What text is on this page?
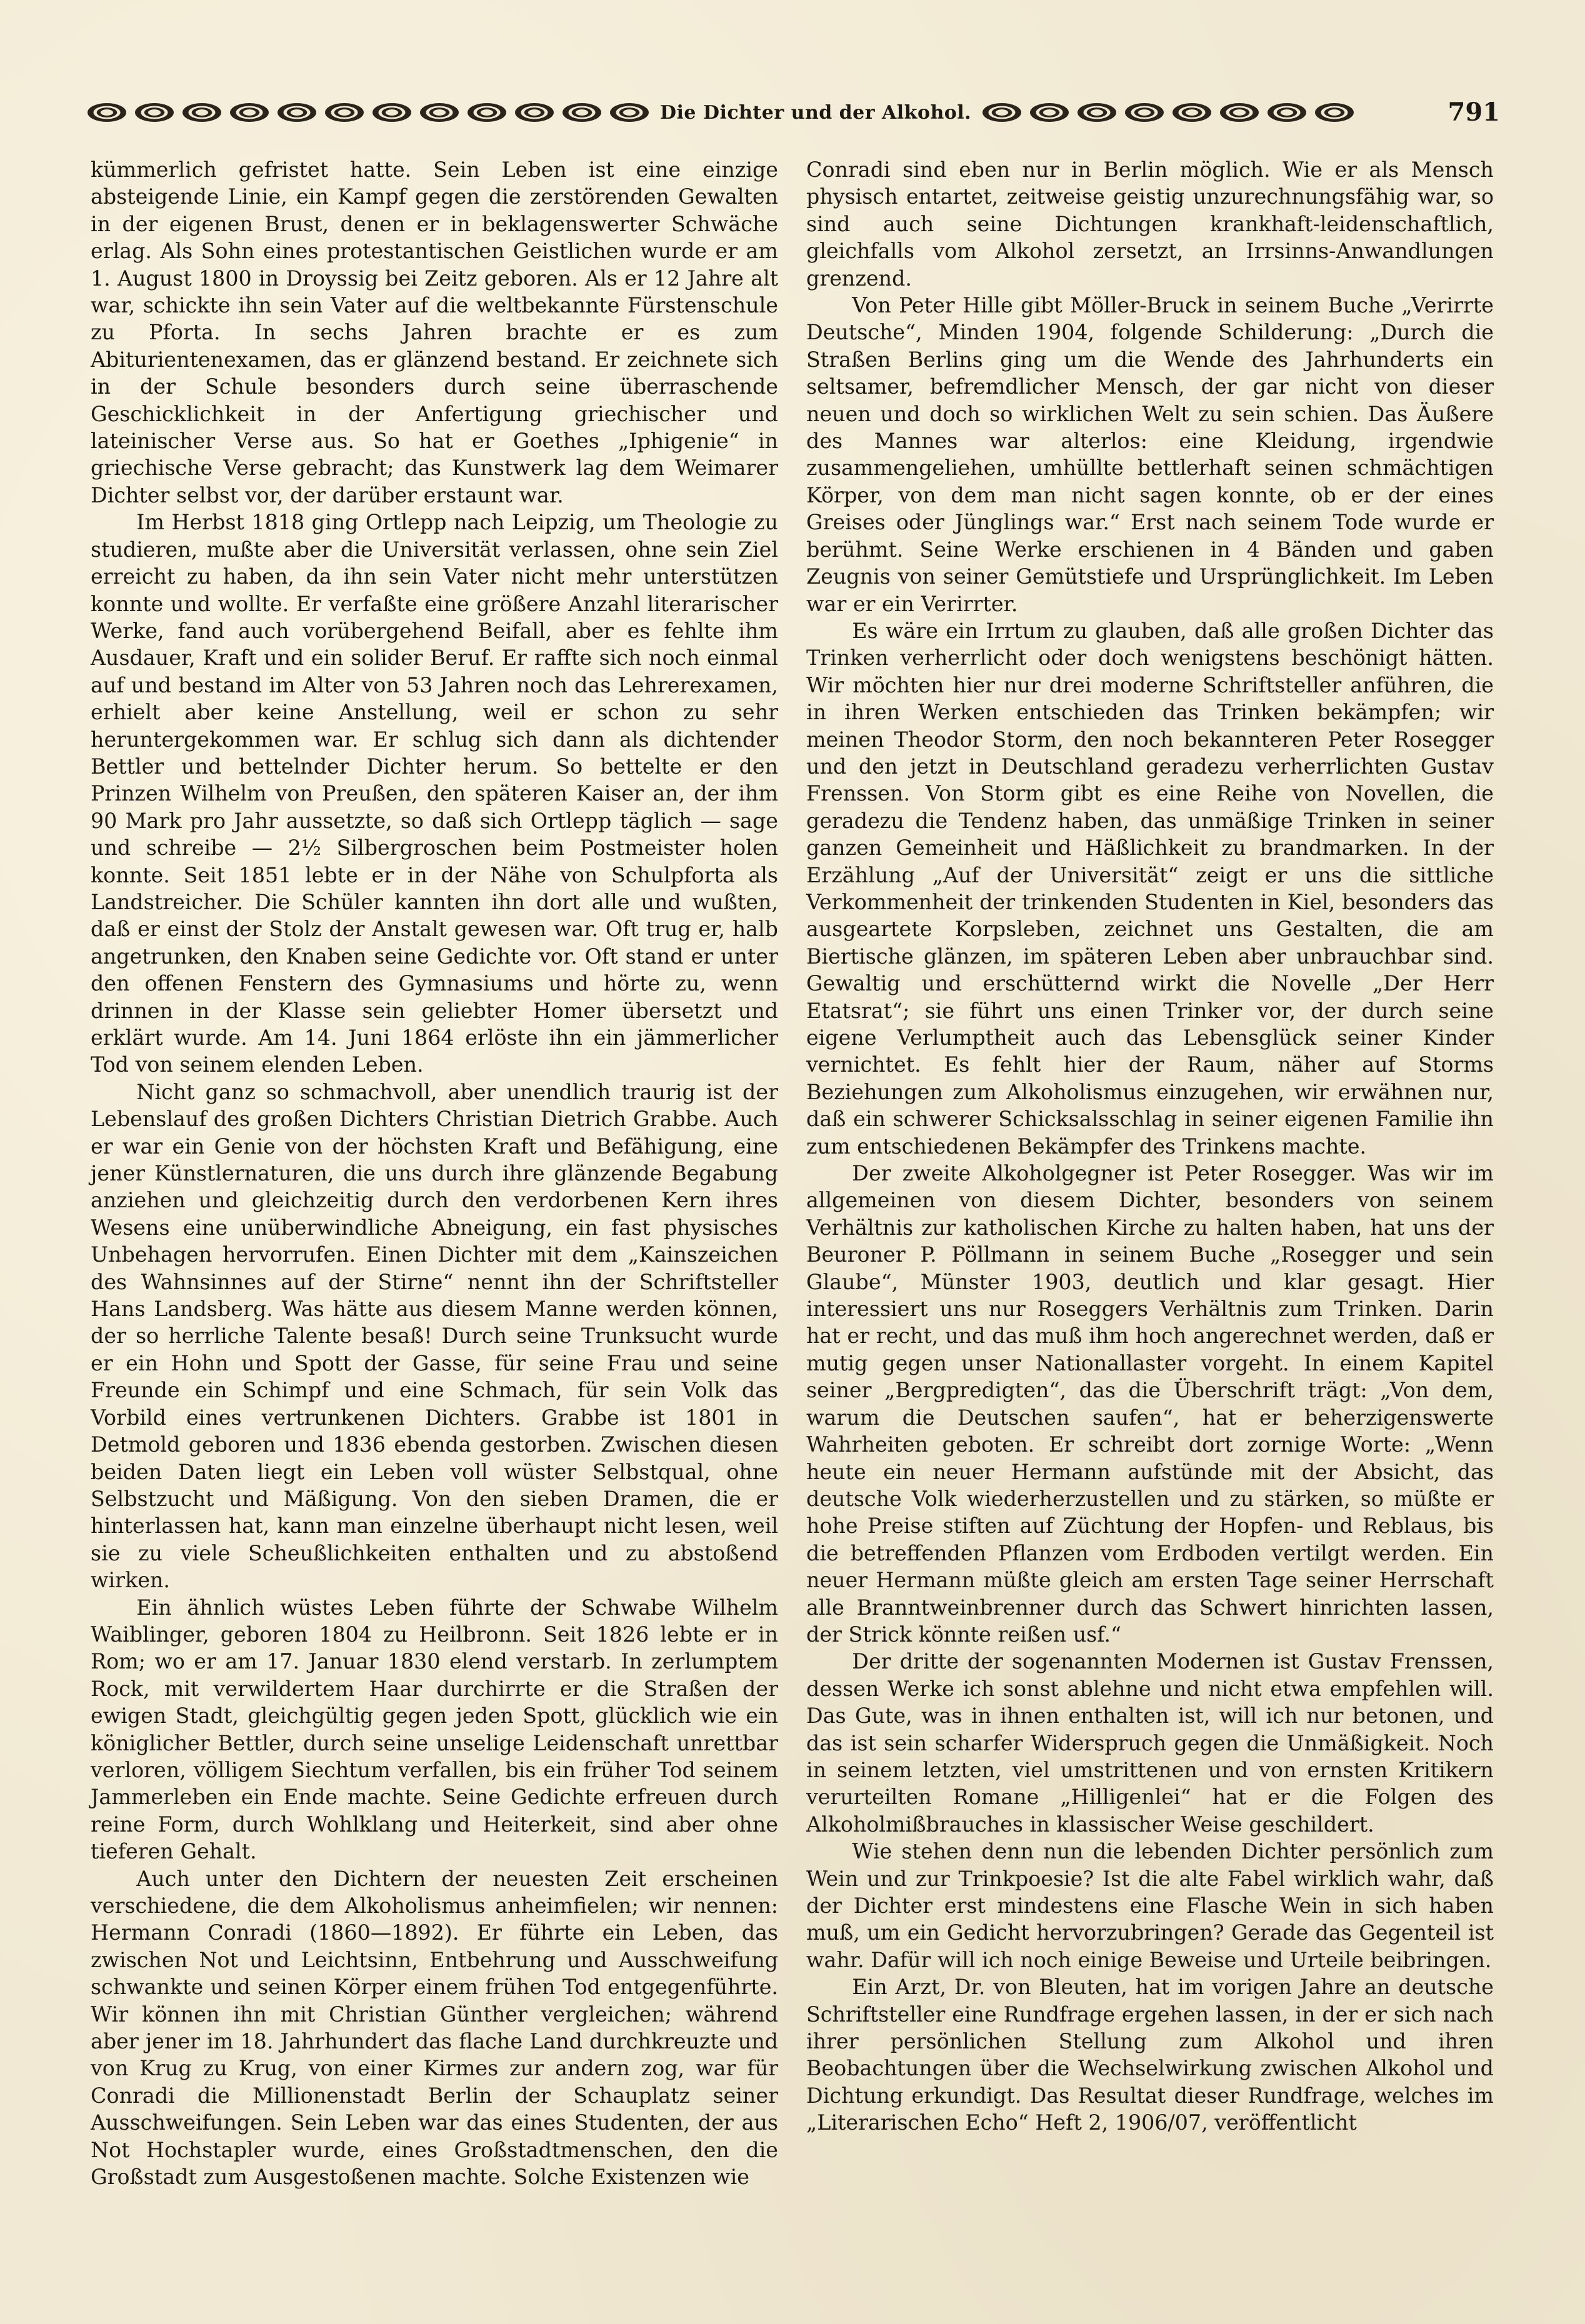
Die Dichter und der Alkohol.	791

kümmerlich gefristet hatte. Sein Leben ist eine einzige absteigende Linie, ein Kampf gegen die zerstörenden Gewalten in der eigenen Brust, denen er in beklagenswerter Schwäche erlag. Als Sohn eines protestantischen Geistlichen wurde er am 1. August 1800 in Droyssig bei Zeitz geboren. Als er 12 Jahre alt war, schickte ihn sein Vater auf die weltbekannte Fürstenschule zu Pforta. In sechs Jahren brachte er es zum Abiturientenexamen, das er glänzend bestand. Er zeichnete sich in der Schule besonders durch seine überraschende Geschicklichkeit in der Anfertigung griechischer und lateinischer Verse aus. So hat er Goethes „Iphigenie“ in griechische Verse gebracht; das Kunstwerk lag dem Weimarer Dichter selbst vor, der darüber erstaunt war.

Im Herbst 1818 ging Ortlepp nach Leipzig, um Theologie zu studieren, mußte aber die Universität verlassen, ohne sein Ziel erreicht zu haben, da ihn sein Vater nicht mehr unterstützen konnte und wollte. Er verfaßte eine größere Anzahl literarischer Werke, fand auch vorübergehend Beifall, aber es fehlte ihm Ausdauer, Kraft und ein solider Beruf. Er raffte sich noch einmal auf und bestand im Alter von 53 Jahren noch das Lehrerexamen, erhielt aber keine Anstellung, weil er schon zu sehr heruntergekommen war. Er schlug sich dann als dichtender Bettler und bettelnder Dichter herum. So bettelte er den Prinzen Wilhelm von Preußen, den späteren Kaiser an, der ihm 90 Mark pro Jahr aussetzte, so daß sich Ortlepp täglich — sage und schreibe — 2½ Silbergroschen beim Postmeister holen konnte. Seit 1851 lebte er in der Nähe von Schulpforta als Landstreicher. Die Schüler kannten ihn dort alle und wußten, daß er einst der Stolz der Anstalt gewesen war. Oft trug er, halb angetrunken, den Knaben seine Gedichte vor. Oft stand er unter den offenen Fenstern des Gymnasiums und hörte zu, wenn drinnen in der Klasse sein geliebter Homer übersetzt und erklärt wurde. Am 14. Juni 1864 erlöste ihn ein jämmerlicher Tod von seinem elenden Leben.

Nicht ganz so schmachvoll, aber unendlich traurig ist der Lebenslauf des großen Dichters Christian Dietrich Grabbe. Auch er war ein Genie von der höchsten Kraft und Befähigung, eine jener Künstlernaturen, die uns durch ihre glänzende Begabung anziehen und gleichzeitig durch den verdorbenen Kern ihres Wesens eine unüberwindliche Abneigung, ein fast physisches Unbehagen hervorrufen. Einen Dichter mit dem „Kainszeichen des Wahnsinnes auf der Stirne“ nennt ihn der Schriftsteller Hans Landsberg. Was hätte aus diesem Manne werden können, der so herrliche Talente besaß! Durch seine Trunksucht wurde er ein Hohn und Spott der Gasse, für seine Frau und seine Freunde ein Schimpf und eine Schmach, für sein Volk das Vorbild eines vertrunkenen Dichters. Grabbe ist 1801 in Detmold geboren und 1836 ebenda gestorben. Zwischen diesen beiden Daten liegt ein Leben voll wüster Selbstqual, ohne Selbstzucht und Mäßigung. Von den sieben Dramen, die er hinterlassen hat, kann man einzelne überhaupt nicht lesen, weil sie zu viele Scheußlichkeiten enthalten und zu abstoßend wirken.

Ein ähnlich wüstes Leben führte der Schwabe Wilhelm Waiblinger, geboren 1804 zu Heilbronn. Seit 1826 lebte er in Rom; wo er am 17. Januar 1830 elend verstarb. In zerlumptem Rock, mit verwildertem Haar durchirrte er die Straßen der ewigen Stadt, gleichgültig gegen jeden Spott, glücklich wie ein königlicher Bettler, durch seine unselige Leidenschaft unrettbar verloren, völligem Siechtum verfallen, bis ein früher Tod seinem Jammerleben ein Ende machte. Seine Gedichte erfreuen durch reine Form, durch Wohlklang und Heiterkeit, sind aber ohne tieferen Gehalt.

Auch unter den Dichtern der neuesten Zeit erscheinen verschiedene, die dem Alkoholismus anheimfielen; wir nennen: Hermann Conradi (1860—1892). Er führte ein Leben, das zwischen Not und Leichtsinn, Entbehrung und Ausschweifung schwankte und seinen Körper einem frühen Tod entgegenführte. Wir können ihn mit Christian Günther vergleichen; während aber jener im 18. Jahrhundert das flache Land durchkreuzte und von Krug zu Krug, von einer Kirmes zur andern zog, war für Conradi die Millionenstadt Berlin der Schauplatz seiner Ausschweifungen. Sein Leben war das eines Studenten, der aus Not Hochstapler wurde, eines Großstadtmenschen, den die Großstadt zum Ausgestoßenen machte. Solche Existenzen wie

Conradi sind eben nur in Berlin möglich. Wie er als Mensch physisch entartet, zeitweise geistig unzurechnungsfähig war, so sind auch seine Dichtungen krankhaft-leidenschaftlich, gleichfalls vom Alkohol zersetzt, an Irrsinns-Anwandlungen grenzend.

Von Peter Hille gibt Möller-Bruck in seinem Buche „Verirrte Deutsche“, Minden 1904, folgende Schilderung: „Durch die Straßen Berlins ging um die Wende des Jahrhunderts ein seltsamer, befremdlicher Mensch, der gar nicht von dieser neuen und doch so wirklichen Welt zu sein schien. Das Äußere des Mannes war alterlos: eine Kleidung, irgendwie zusammengeliehen, umhüllte bettlerhaft seinen schmächtigen Körper, von dem man nicht sagen konnte, ob er der eines Greises oder Jünglings war.“ Erst nach seinem Tode wurde er berühmt. Seine Werke erschienen in 4 Bänden und gaben Zeugnis von seiner Gemütstiefe und Ursprünglichkeit. Im Leben war er ein Verirrter.

Es wäre ein Irrtum zu glauben, daß alle großen Dichter das Trinken verherrlicht oder doch wenigstens beschönigt hätten. Wir möchten hier nur drei moderne Schriftsteller anführen, die in ihren Werken entschieden das Trinken bekämpfen; wir meinen Theodor Storm, den noch bekannteren Peter Rosegger und den jetzt in Deutschland geradezu verherrlichten Gustav Frenssen. Von Storm gibt es eine Reihe von Novellen, die geradezu die Tendenz haben, das unmäßige Trinken in seiner ganzen Gemeinheit und Häßlichkeit zu brandmarken. In der Erzählung „Auf der Universität“ zeigt er uns die sittliche Verkommenheit der trinkenden Studenten in Kiel, besonders das ausgeartete Korpsleben, zeichnet uns Gestalten, die am Biertische glänzen, im späteren Leben aber unbrauchbar sind. Gewaltig und erschütternd wirkt die Novelle „Der Herr Etatsrat“; sie führt uns einen Trinker vor, der durch seine eigene Verlumptheit auch das Lebensglück seiner Kinder vernichtet. Es fehlt hier der Raum, näher auf Storms Beziehungen zum Alkoholismus einzugehen, wir erwähnen nur, daß ein schwerer Schicksalsschlag in seiner eigenen Familie ihn zum entschiedenen Bekämpfer des Trinkens machte.

Der zweite Alkoholgegner ist Peter Rosegger. Was wir im allgemeinen von diesem Dichter, besonders von seinem Verhältnis zur katholischen Kirche zu halten haben, hat uns der Beuroner P. Pöllmann in seinem Buche „Rosegger und sein Glaube“, Münster 1903, deutlich und klar gesagt. Hier interessiert uns nur Roseggers Verhältnis zum Trinken. Darin hat er recht, und das muß ihm hoch angerechnet werden, daß er mutig gegen unser Nationallaster vorgeht. In einem Kapitel seiner „Bergpredigten“, das die Überschrift trägt: „Von dem, warum die Deutschen saufen“, hat er beherzigenswerte Wahrheiten geboten. Er schreibt dort zornige Worte: „Wenn heute ein neuer Hermann aufstünde mit der Absicht, das deutsche Volk wiederherzustellen und zu stärken, so müßte er hohe Preise stiften auf Züchtung der Hopfen- und Reblaus, bis die betreffenden Pflanzen vom Erdboden vertilgt werden. Ein neuer Hermann müßte gleich am ersten Tage seiner Herrschaft alle Branntweinbrenner durch das Schwert hinrichten lassen, der Strick könnte reißen usf.“

Der dritte der sogenannten Modernen ist Gustav Frenssen, dessen Werke ich sonst ablehne und nicht etwa empfehlen will. Das Gute, was in ihnen enthalten ist, will ich nur betonen, und das ist sein scharfer Widerspruch gegen die Unmäßigkeit. Noch in seinem letzten, viel umstrittenen und von ernsten Kritikern verurteilten Romane „Hilligenlei“ hat er die Folgen des Alkoholmißbrauches in klassischer Weise geschildert.

Wie stehen denn nun die lebenden Dichter persönlich zum Wein und zur Trinkpoesie? Ist die alte Fabel wirklich wahr, daß der Dichter erst mindestens eine Flasche Wein in sich haben muß, um ein Gedicht hervorzubringen? Gerade das Gegenteil ist wahr. Dafür will ich noch einige Beweise und Urteile beibringen.

Ein Arzt, Dr. von Bleuten, hat im vorigen Jahre an deutsche Schriftsteller eine Rundfrage ergehen lassen, in der er sich nach ihrer persönlichen Stellung zum Alkohol und ihren Beobachtungen über die Wechselwirkung zwischen Alkohol und Dichtung erkundigt. Das Resultat dieser Rundfrage, welches im „Literarischen Echo“ Heft 2, 1906/07, veröffentlicht
